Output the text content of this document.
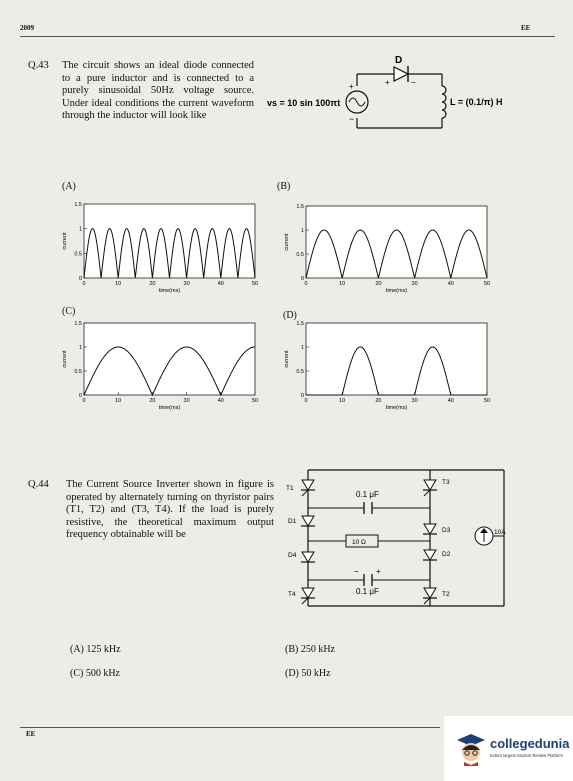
2009	EE
Q.43 The circuit shows an ideal diode connected to a pure inductor and is connected to a purely sinusoidal 50Hz voltage source. Under ideal conditions the current waveform through the inductor will look like
D
+	−
+
−
vs = 10 sin 100πt	L = (0.1/π) H
(A)	(B)
(C)	(D)
0	10	20	30	40	50
0
0.5
1
1.5
time(ms)
current
0	10	20	30	40	50
0
0.5
1
1.5
time(ms)
current
0	10	20	30	40	50
0
0.5
1
1.5
time(ms)
current
0	10	20	30	40	50
0
0.5
1
1.5
time(ms)
current
Q.44 The Current Source Inverter shown in figure is operated by alternately turning on thyristor pairs (T1, T2) and (T3, T4). If the load is purely resistive, the theoretical maximum output frequency obtainable will be
T1
D1
D4
T4
T3
D3
D2
T2
0.1 μF
10 Ω
− +
0.1 μF
10A
(A) 125 kHz	(B) 250 kHz
(C) 500 kHz	(D) 50 kHz
EE
collegedunia
India's largest Student Review Platform
